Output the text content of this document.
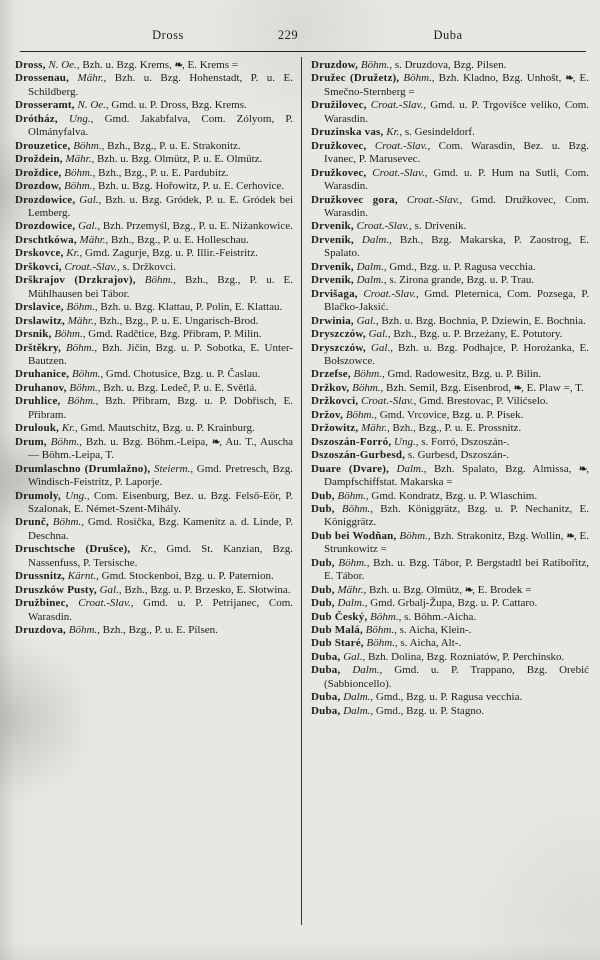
Dross	229	Duba

Dross, N. Oe., Bzh. u. Bzg. Krems, ❧, E. Krems =

Drossenau, Mähr., Bzh. u. Bzg. Hohenstadt, P. u. E. Schildberg.

Drosseramt, N. Oe., Gmd. u. P. Dross, Bzg. Krems.

Drótház, Ung., Gmd. Jakabfalva, Com. Zólyom, P. Olmányfalva.

Drouzetice, Böhm., Bzh., Bzg., P. u. E. Strakonitz.

Droždein, Mähr., Bzh. u. Bzg. Olmütz, P. u. E. Olmütz.

Droždice, Böhm., Bzh., Bzg., P. u. E. Pardubitz.

Drozdow, Böhm., Bzh. u. Bzg. Hořowitz, P. u. E. Cerhovice.

Drozdowice, Gal., Bzh. u. Bzg. Gródek, P. u. E. Gródek bei Lemberg.

Drozdowice, Gal., Bzh. Przemyśl, Bzg., P. u. E. Niżankowice.

Drschtkówa, Mähr., Bzh., Bzg., P. u. E. Holleschau.

Drskovce, Kr., Gmd. Zagurje, Bzg. u. P. Illir.-Feistritz.

Drškovci, Croat.-Slav., s. Držkovci.

Drškrajov (Drzkrajov), Böhm., Bzh., Bzg., P. u. E. Mühlhausen bei Tábor.

Drslavice, Böhm., Bzh. u. Bzg. Klattau, P. Polin, E. Klattau.

Drslawitz, Mähr., Bzh., Bzg., P. u. E. Ungarisch-Brod.

Drsnik, Böhm., Gmd. Radčtice, Bzg. Přibram, P. Milin.

Drštěkry, Böhm., Bzh. Jičin, Bzg. u. P. Sobotka, E. Unter-Bautzen.

Druhanice, Böhm., Gmd. Chotusice, Bzg. u. P. Časlau.

Druhanov, Böhm., Bzh. u. Bzg. Ledeč, P. u. E. Světlá.

Druhlice, Böhm., Bzh. Přibram, Bzg. u. P. Dobřisch, E. Přibram.

Drulouk, Kr., Gmd. Mautschitz, Bzg. u. P. Krainburg.

Drum, Böhm., Bzh. u. Bzg. Böhm.-Leipa, ❧, Au. T., Auscha — Böhm.-Leipa, T.

Drumlaschno (Drumlažno), Steierm., Gmd. Pretresch, Bzg. Windisch-Feistritz, P. Laporje.

Drumoly, Ung., Com. Eisenburg, Bez. u. Bzg. Felső-Eör, P. Szalonak, E. Német-Szent-Mihály.

Drunč, Böhm., Gmd. Rosička, Bzg. Kamenitz a. d. Linde, P. Deschna.

Druschtsche (Drušce), Kr., Gmd. St. Kanzian, Bzg. Nassenfuss, P. Tersische.

Drussnitz, Kärnt., Gmd. Stockenboi, Bzg. u. P. Paternion.

Druszków Pusty, Gal., Bzh., Bzg. u. P. Brzesko, E. Słotwina.

Družbinec, Croat.-Slav., Gmd. u. P. Petrijanec, Com. Warasdin.

Druzdova, Böhm., Bzh., Bzg., P. u. E. Pilsen.

Druzdow, Böhm., s. Druzdova, Bzg. Pilsen.

Družec (Družetz), Böhm., Bzh. Kladno, Bzg. Unhošt, ❧, E. Smečno-Sternberg =

Družilovec, Croat.-Slav., Gmd. u. P. Trgovišce veliko, Com. Warasdin.

Druzinska vas, Kr., s. Gesindeldorf.

Družkovec, Croat.-Slav., Com. Warasdin, Bez. u. Bzg. Ivanec, P. Marusevec.

Družkovec, Croat.-Slav., Gmd. u. P. Hum na Sutli, Com. Warasdin.

Družkovec gora, Croat.-Slav., Gmd. Družkovec, Com. Warasdin.

Drvenik, Croat.-Slav., s. Drivenik.

Drvenik, Dalm., Bzh., Bzg. Makarska, P. Zaostrog, E. Spalato.

Drvenik, Dalm., Gmd., Bzg. u. P. Ragusa vecchia.

Drvenik, Dalm., s. Zirona grande, Bzg. u. P. Trau.

Drvišaga, Croat.-Slav., Gmd. Pleternica, Com. Pozsega, P. Blačko-Jaksić.

Drwinia, Gal., Bzh. u. Bzg. Bochnia, P. Dziewin, E. Bochnia.

Dryszczów, Gal., Bzh., Bzg. u. P. Brzeżany, E. Potutory.

Dryszczów, Gal., Bzh. u. Bzg. Podhajce, P. Horożanka, E. Bołszowce.

Drzefse, Böhm., Gmd. Radowesitz, Bzg. u. P. Bilin.

Držkov, Böhm., Bzh. Semil, Bzg. Eisenbrod, ❧, E. Plaw =, T.

Držkovci, Croat.-Slav., Gmd. Brestovac, P. Vilićselo.

Držov, Böhm., Gmd. Vrcovice, Bzg. u. P. Pisek.

Držowitz, Mähr., Bzh., Bzg., P. u. E. Prossnitz.

Dszoszán-Forró, Ung., s. Forró, Dszoszán-.

Dszoszán-Gurbesd, s. Gurbesd, Dszoszán-.

Duare (Dvare), Dalm., Bzh. Spalato, Bzg. Almissa, ❧, Dampfschiffstat. Makarska =

Dub, Böhm., Gmd. Kondratz, Bzg. u. P. Wlaschim.

Dub, Böhm., Bzh. Königgrätz, Bzg. u. P. Nechanitz, E. Königgrätz.

Dub bei Wodňan, Böhm., Bzh. Strakonitz, Bzg. Wollin, ❧, E. Strunkowitz =

Dub, Böhm., Bzh. u. Bzg. Tábor, P. Bergstadtl bei Ratibořitz, E. Tábor.

Dub, Mähr., Bzh. u. Bzg. Olmütz, ❧, E. Brodek =

Dub, Dalm., Gmd. Grbalj-Župa, Bzg. u. P. Cattaro.

Dub Český, Böhm., s. Böhm.-Aicha.

Dub Malá, Böhm., s. Aicha, Klein-.

Dub Staré, Böhm., s. Aicha, Alt-.

Duba, Gal., Bzh. Dolina, Bzg. Rozniatów, P. Perchinsko.

Duba, Dalm., Gmd. u. P. Trappano, Bzg. Orebić (Sabbioncello).

Duba, Dalm., Gmd., Bzg. u. P. Ragusa vecchia.

Duba, Dalm., Gmd., Bzg. u. P. Stagno.
